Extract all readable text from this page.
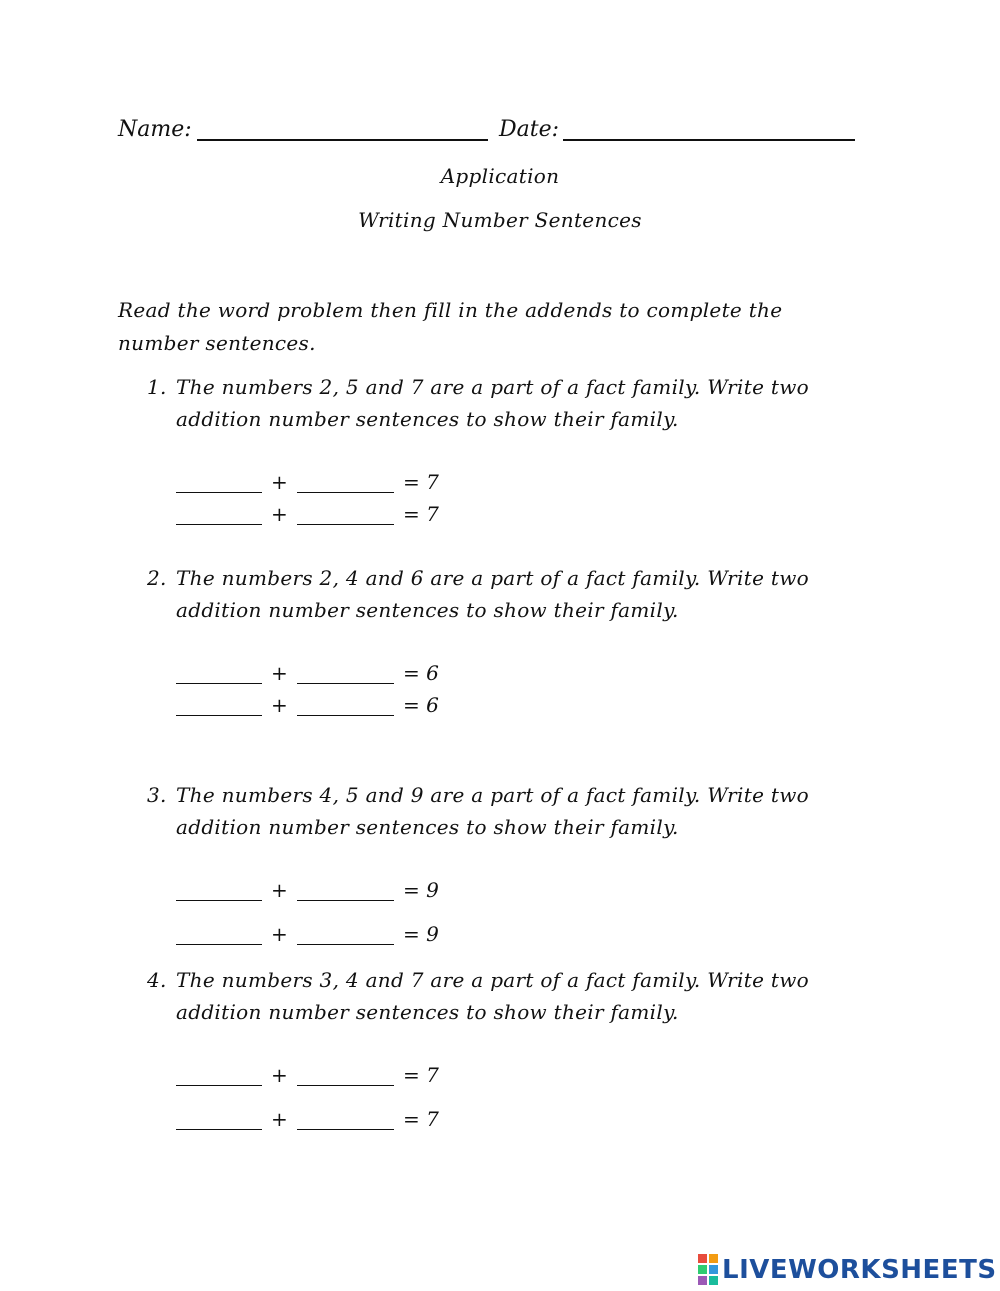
Name:	Date:
Application
Writing Number Sentences
Read the word problem then fill in the addends to complete the
number sentences.
1. The numbers 2, 5 and 7 are a part of a fact family. Write two
addition number sentences to show their family.
+	= 7
+	= 7
2. The numbers 2, 4 and 6 are a part of a fact family. Write two
addition number sentences to show their family.
+	= 6
+	= 6
3. The numbers 4, 5 and 9 are a part of a fact family. Write two
addition number sentences to show their family.
+	= 9
+	= 9
4. The numbers 3, 4 and 7 are a part of a fact family. Write two
addition number sentences to show their family.
+	= 7
+	= 7
LIVEWORKSHEETS
